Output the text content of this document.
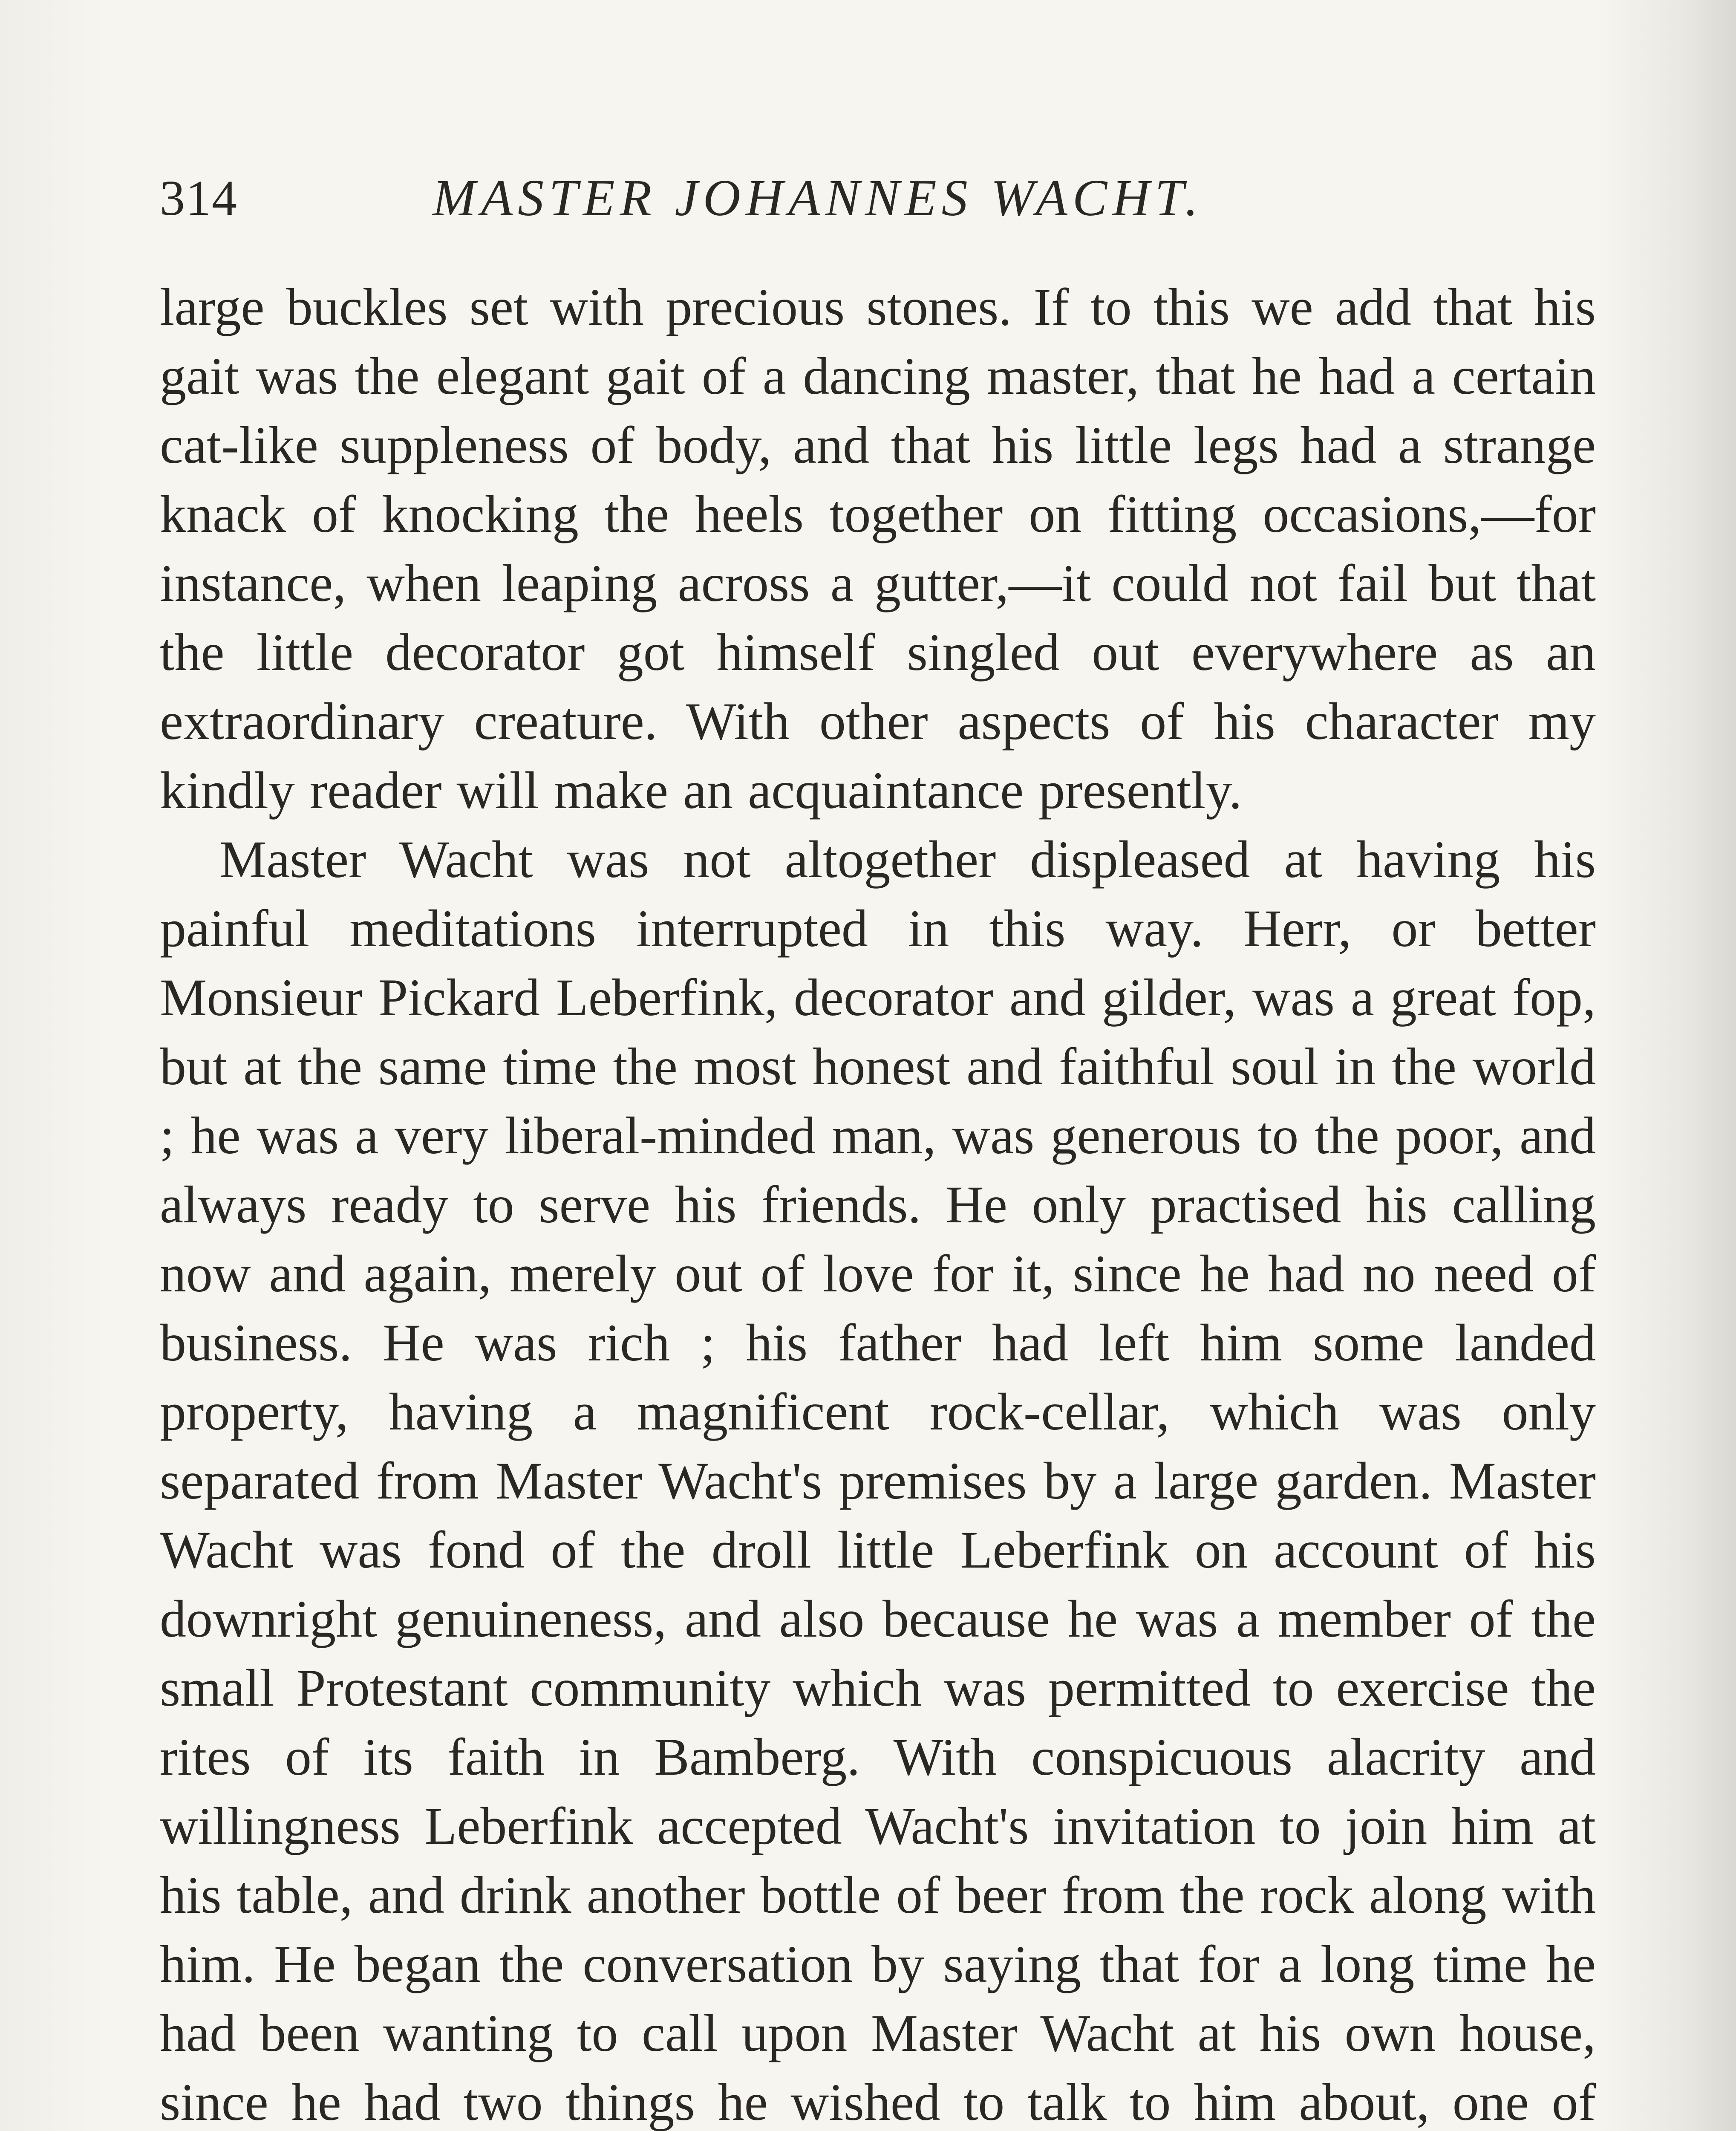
314	MASTER JOHANNES WACHT.

large buckles set with precious stones. If to this we add that his gait was the elegant gait of a dancing master, that he had a certain cat-like suppleness of body, and that his little legs had a strange knack of knocking the heels together on fitting occasions,—for instance, when leaping across a gutter,—it could not fail but that the little decorator got himself singled out everywhere as an extraordinary creature. With other aspects of his character my kindly reader will make an acquaintance presently.

Master Wacht was not altogether displeased at having his painful meditations interrupted in this way. Herr, or better Monsieur Pickard Leberfink, decorator and gilder, was a great fop, but at the same time the most honest and faithful soul in the world ; he was a very liberal-minded man, was generous to the poor, and always ready to serve his friends. He only practised his calling now and again, merely out of love for it, since he had no need of business. He was rich ; his father had left him some landed property, having a magnificent rock-cellar, which was only separated from Master Wacht's premises by a large garden. Master Wacht was fond of the droll little Leberfink on account of his downright genuineness, and also because he was a member of the small Protestant community which was permitted to exercise the rites of its faith in Bamberg. With conspicuous alacrity and willingness Leberfink accepted Wacht's invitation to join him at his table, and drink another bottle of beer from the rock along with him. He began the conversation by saying that for a long time he had been wanting to call upon Master Wacht at his own house, since he had two things he wished to talk to him about, one of
